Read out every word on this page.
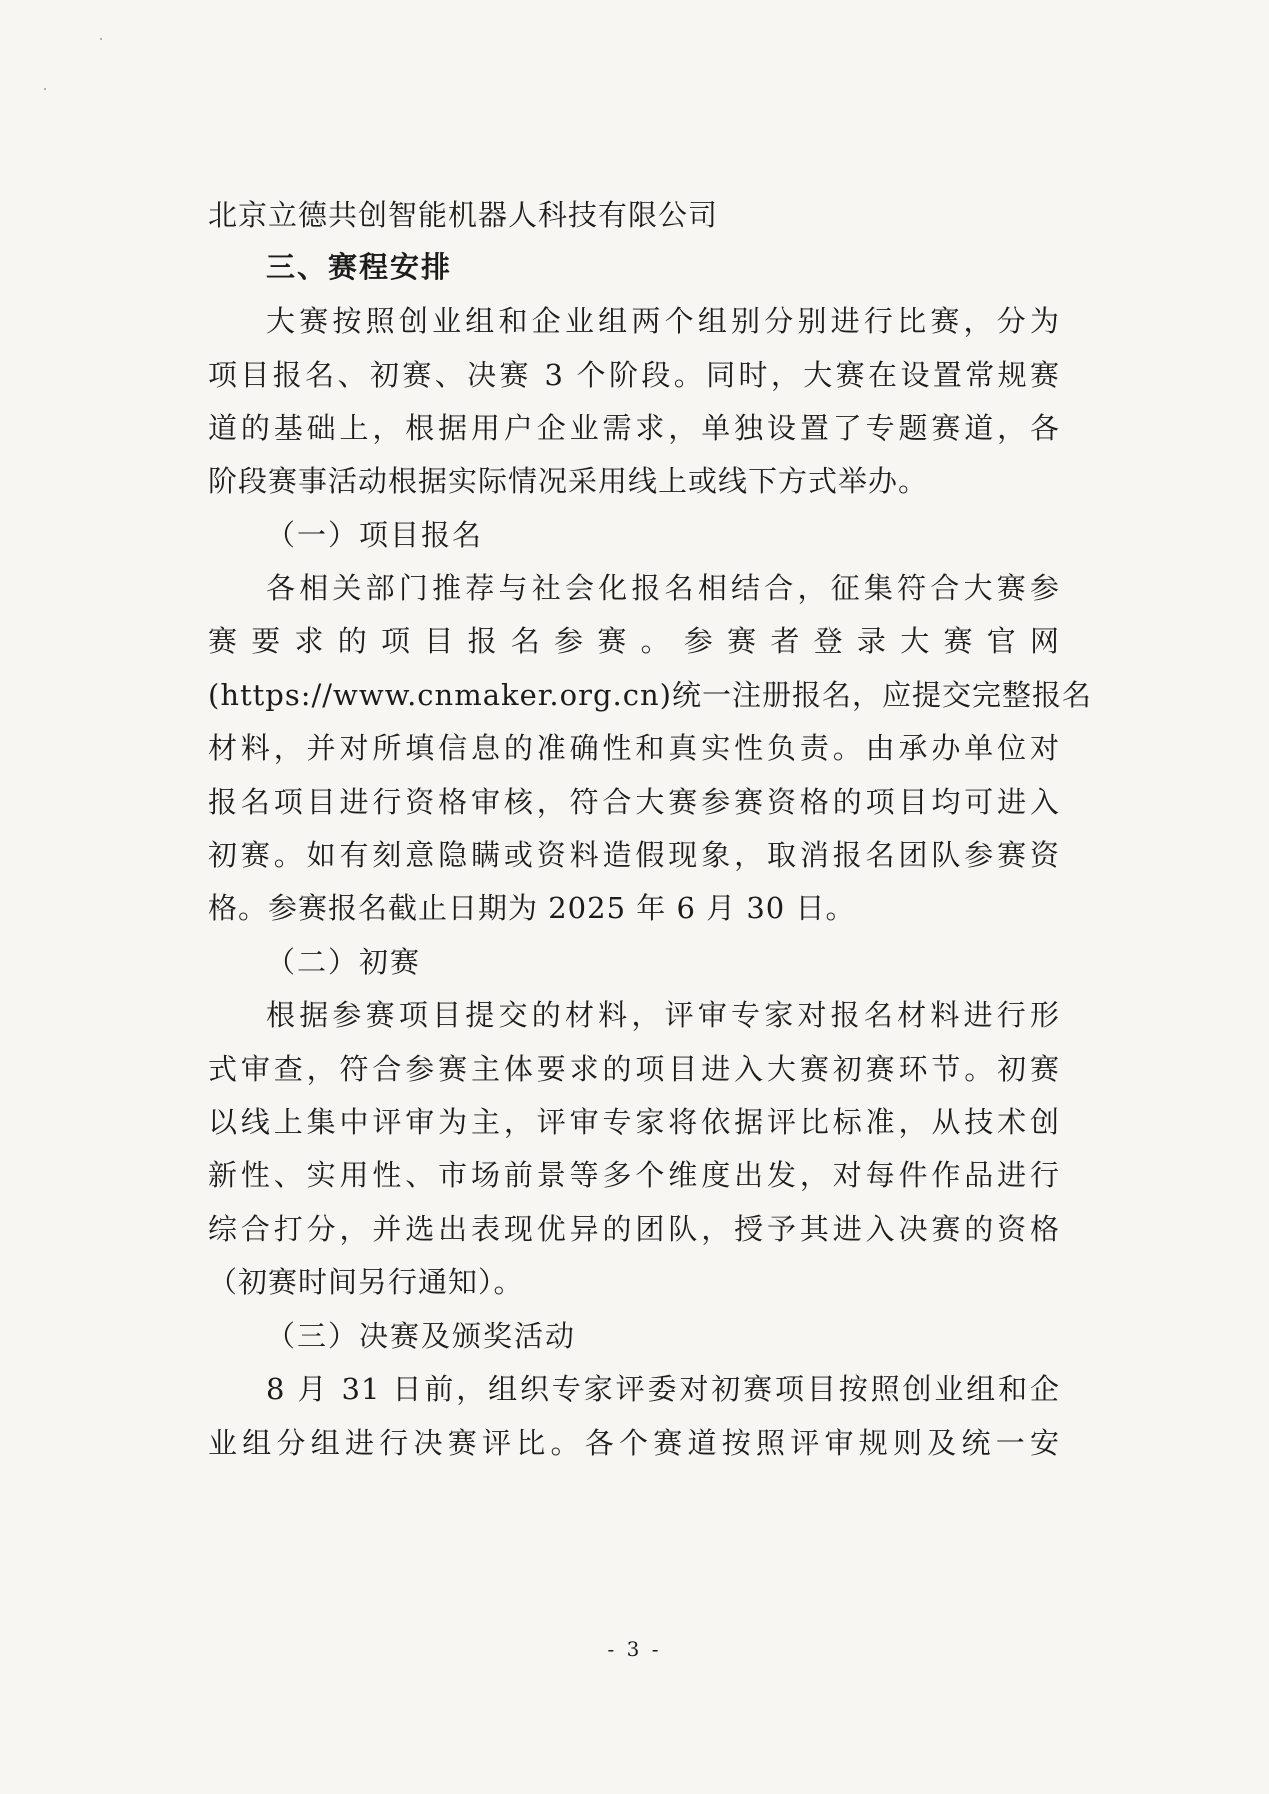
北京立德共创智能机器人科技有限公司
三、赛程安排
大赛按照创业组和企业组两个组别分别进行比赛，分为
项目报名、初赛、决赛 3 个阶段。同时，大赛在设置常规赛
道的基础上，根据用户企业需求，单独设置了专题赛道，各
阶段赛事活动根据实际情况采用线上或线下方式举办。
（一）项目报名
各相关部门推荐与社会化报名相结合，征集符合大赛参
赛要求的项目报名参赛。参赛者登录大赛官网
(https://www.cnmaker.org.cn)统一注册报名，应提交完整报名
材料，并对所填信息的准确性和真实性负责。由承办单位对
报名项目进行资格审核，符合大赛参赛资格的项目均可进入
初赛。如有刻意隐瞒或资料造假现象，取消报名团队参赛资
格。参赛报名截止日期为 2025 年 6 月 30 日。
（二）初赛
根据参赛项目提交的材料，评审专家对报名材料进行形
式审查，符合参赛主体要求的项目进入大赛初赛环节。初赛
以线上集中评审为主，评审专家将依据评比标准，从技术创
新性、实用性、市场前景等多个维度出发，对每件作品进行
综合打分，并选出表现优异的团队，授予其进入决赛的资格
（初赛时间另行通知）。
（三）决赛及颁奖活动
8 月 31 日前，组织专家评委对初赛项目按照创业组和企
业组分组进行决赛评比。各个赛道按照评审规则及统一安
- 3 -
